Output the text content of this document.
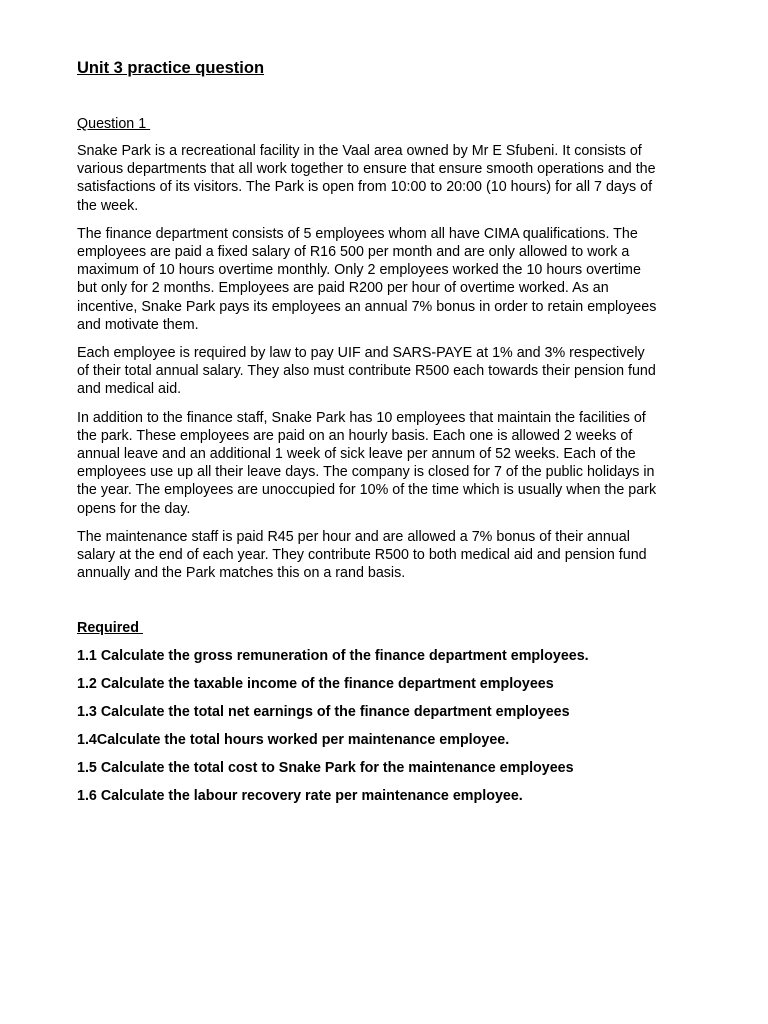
Unit 3 practice question
Question 1

Snake Park is a recreational facility in the Vaal area owned by Mr E Sfubeni. It consists of
various departments that all work together to ensure that ensure smooth operations and the
satisfactions of its visitors. The Park is open from 10:00 to 20:00 (10 hours) for all 7 days of
the week.

The finance department consists of 5 employees whom all have CIMA qualifications. The
employees are paid a fixed salary of R16 500 per month and are only allowed to work a
maximum of 10 hours overtime monthly. Only 2 employees worked the 10 hours overtime
but only for 2 months. Employees are paid R200 per hour of overtime worked. As an
incentive, Snake Park pays its employees an annual 7% bonus in order to retain employees
and motivate them.

Each employee is required by law to pay UIF and SARS-PAYE at 1% and 3% respectively
of their total annual salary. They also must contribute R500 each towards their pension fund
and medical aid.

In addition to the finance staff, Snake Park has 10 employees that maintain the facilities of
the park. These employees are paid on an hourly basis. Each one is allowed 2 weeks of
annual leave and an additional 1 week of sick leave per annum of 52 weeks. Each of the
employees use up all their leave days. The company is closed for 7 of the public holidays in
the year. The employees are unoccupied for 10% of the time which is usually when the park
opens for the day.

The maintenance staff is paid R45 per hour and are allowed a 7% bonus of their annual
salary at the end of each year. They contribute R500 to both medical aid and pension fund
annually and the Park matches this on a rand basis.

Required
1.1 Calculate the gross remuneration of the finance department employees.
1.2 Calculate the taxable income of the finance department employees
1.3 Calculate the total net earnings of the finance department employees
1.4Calculate the total hours worked per maintenance employee.
1.5 Calculate the total cost to Snake Park for the maintenance employees
1.6 Calculate the labour recovery rate per maintenance employee.
